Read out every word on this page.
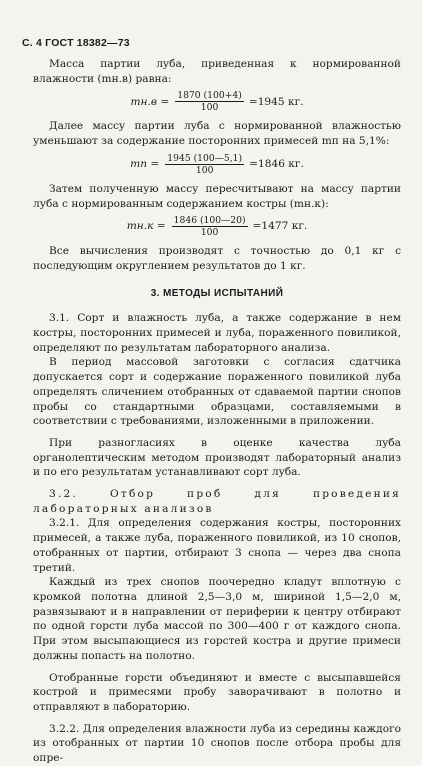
С. 4 ГОСТ 18382—73

Масса партии луба, приведенная к нормированной влажности (mн.в) равна:

$mн.в = \frac{1870 (100+4)}{100} =1945$ кг.

Далее массу партии луба с нормированной влажностью уменьшают за содержание посторонних примесей mп на 5,1%:

mп = $\frac{1945 (100—5,1)}{100} =1846$ кг.

Затем полученную массу пересчитывают на массу партии луба с нормированным содержанием костры (mн.к):

$mн.к = \frac{1846 (100—20)}{100} =1477$ кг.

Все вычисления производят с точностью до 0,1 кг с последующим округлением результатов до 1 кг.

3. МЕТОДЫ ИСПЫТАНИЙ

3.1. Сорт и влажность луба, а также содержание в нем костры, посторонних примесей и луба, пораженного повиликой, определяют по результатам лабораторного анализа.

В период массовой заготовки с согласия сдатчика допускается сорт и содержание пораженного повиликой луба определять сличением отобранных от сдаваемой партии снопов пробы со стандартными образцами, составляемыми в соответствии с требованиями, изложенными в приложении.

При разногласиях в оценке качества луба органолептическим методом производят лабораторный анализ и по его результатам устанавливают сорт луба.

3.2. Отбор проб для проведения лабораторных анализов

3.2.1. Для определения содержания костры, посторонних примесей, а также луба, пораженного повиликой, из 10 снопов, отобранных от партии, отбирают 3 снопа — через два снопа третий.

Каждый из трех снопов поочередно кладут вплотную с кромкой полотна длиной 2,5—3,0 м, шириной 1,5—2,0 м, развязывают и в направлении от периферии к центру отбирают по одной горсти луба массой по 300—400 г от каждого снопа. При этом высыпающиеся из горстей костра и другие примеси должны попасть на полотно.

Отобранные горсти объединяют и вместе с высыпавшейся кострой и примесями пробу заворачивают в полотно и отправляют в лабораторию.

3.2.2. Для определения влажности луба из середины каждого из отобранных от партии 10 снопов после отбора пробы для опре-
